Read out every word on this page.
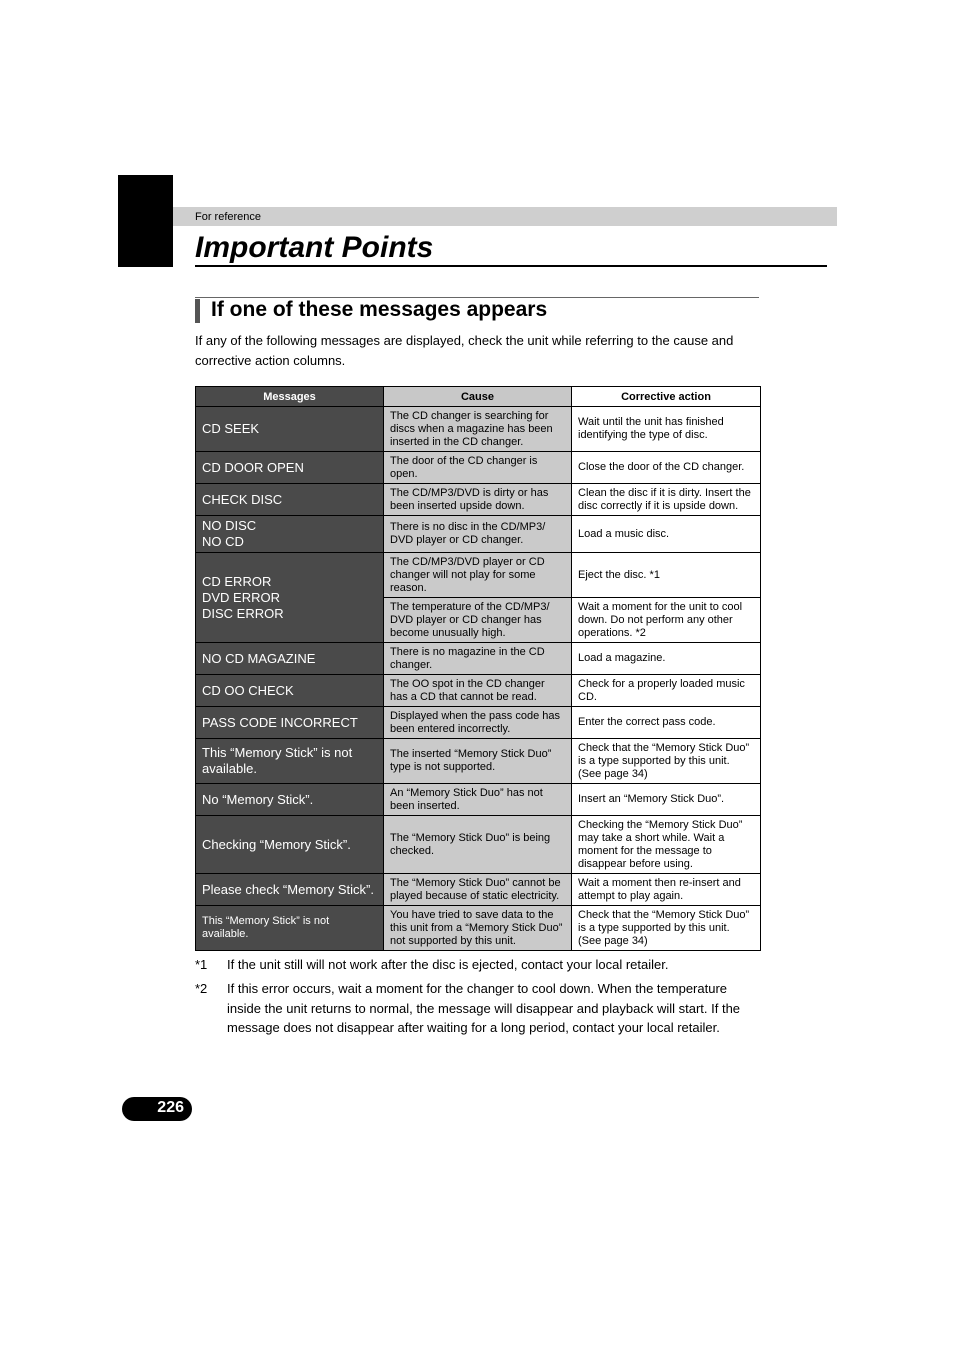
For reference
Important Points
If one of these messages appears

If any of the following messages are displayed, check the unit while referring to the cause and corrective action columns.

Messages	Cause	Corrective action

CD SEEK	The CD changer is searching for discs when a magazine has been inserted in the CD changer.	Wait until the unit has finished identifying the type of disc.

CD DOOR OPEN	The door of the CD changer is open.	Close the door of the CD changer.

CHECK DISC	The CD/MP3/DVD is dirty or has been inserted upside down.	Clean the disc if it is dirty. Insert the disc correctly if it is upside down.

NO DISC
NO CD	There is no disc in the CD/MP3/ DVD player or CD changer.	Load a music disc.

CD ERROR
DVD ERROR
DISC ERROR	The CD/MP3/DVD player or CD changer will not play for some reason.	Eject the disc. *1
	The temperature of the CD/MP3/ DVD player or CD changer has become unusually high.	Wait a moment for the unit to cool down. Do not perform any other operations. *2

NO CD MAGAZINE	There is no magazine in the CD changer.	Load a magazine.

CD OO CHECK	The OO spot in the CD changer has a CD that cannot be read.	Check for a properly loaded music CD.

PASS CODE INCORRECT	Displayed when the pass code has been entered incorrectly.	Enter the correct pass code.

This “Memory Stick” is not available.	The inserted “Memory Stick Duo” type is not supported.	Check that the “Memory Stick Duo” is a type supported by this unit. (See page 34)

No “Memory Stick”.	An “Memory Stick Duo” has not been inserted.	Insert an “Memory Stick Duo”.

Checking “Memory Stick”.	The “Memory Stick Duo” is being checked.	Checking the “Memory Stick Duo” may take a short while. Wait a moment for the message to disappear before using.

Please check “Memory Stick”.	The “Memory Stick Duo” cannot be played because of static electricity.	Wait a moment then re-insert and attempt to play again.

This “Memory Stick” is not available.	You have tried to save data to the this unit from a “Memory Stick Duo” not supported by this unit.	Check that the “Memory Stick Duo” is a type supported by this unit. (See page 34)
*1 If the unit still will not work after the disc is ejected, contact your local retailer.
*2 If this error occurs, wait a moment for the changer to cool down. When the temperature inside the unit returns to normal, the message will disappear and playback will start. If the message does not disappear after waiting for a long period, contact your local retailer.
226
